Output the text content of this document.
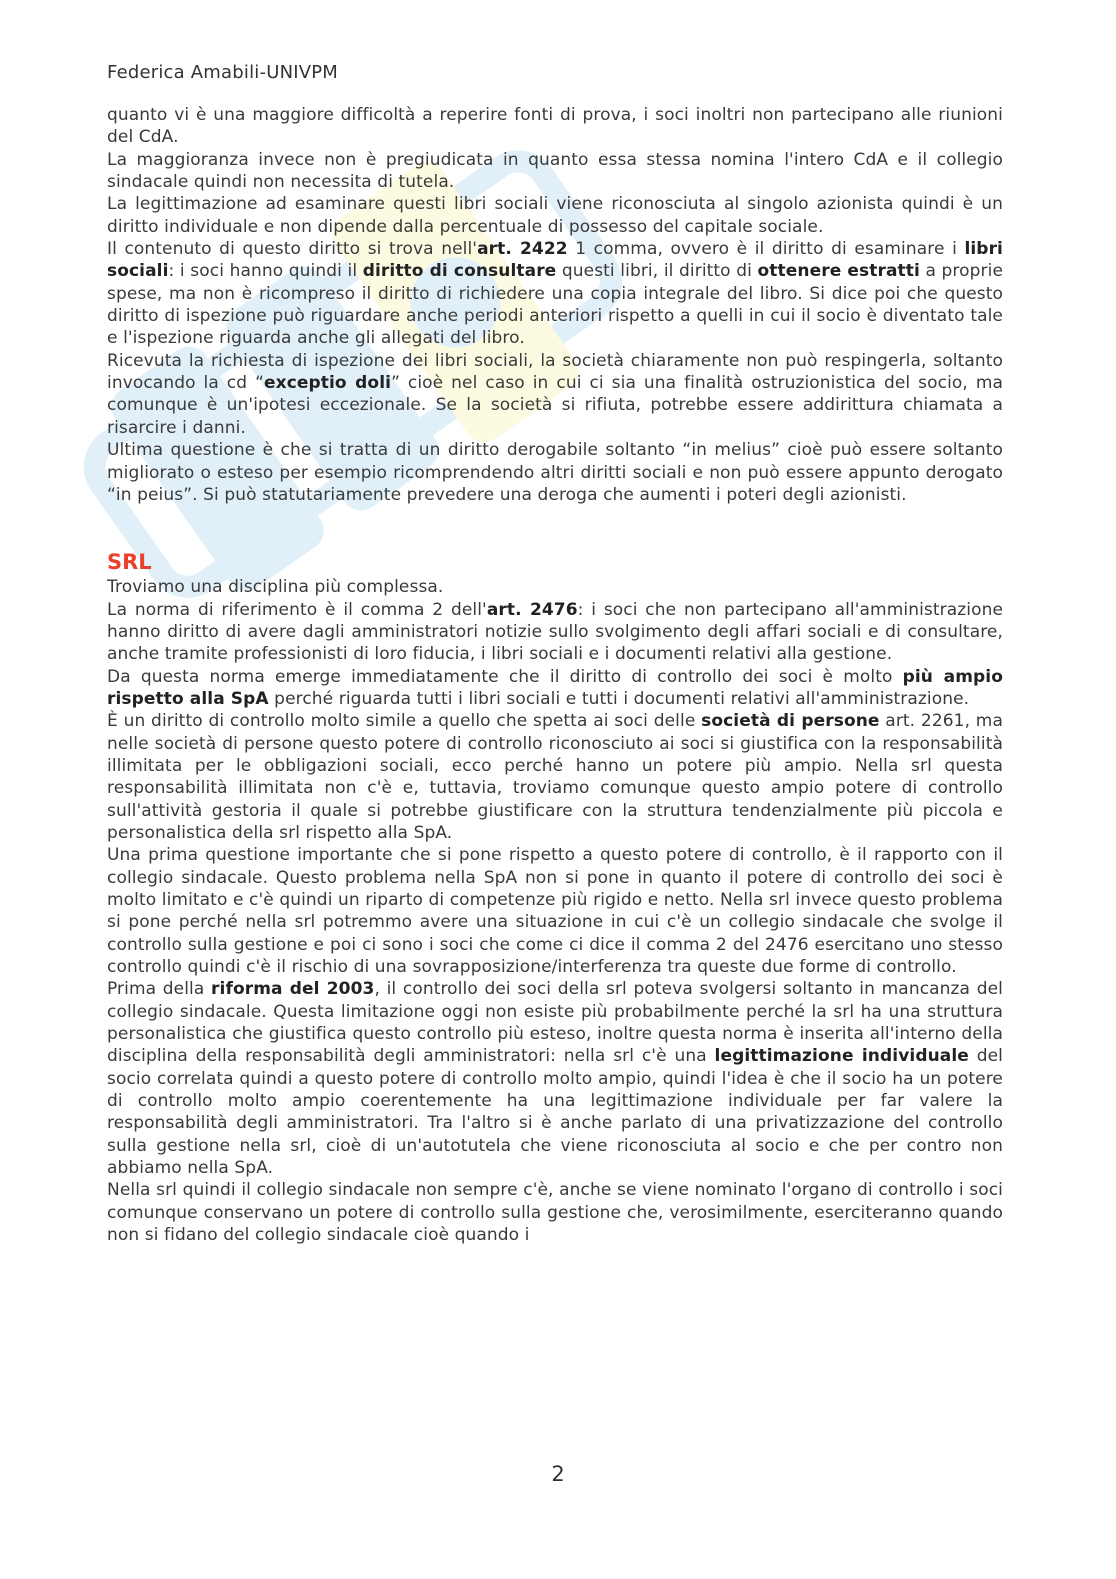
Federica Amabili-UNIVPM

quanto vi è una maggiore difficoltà a reperire fonti di prova, i soci inoltri non partecipano alle riunioni del CdA.

La maggioranza invece non è pregiudicata in quanto essa stessa nomina l'intero CdA e il collegio sindacale quindi non necessita di tutela.

La legittimazione ad esaminare questi libri sociali viene riconosciuta al singolo azionista quindi è un diritto individuale e non dipende dalla percentuale di possesso del capitale sociale.

Il contenuto di questo diritto si trova nell'art. 2422 1 comma, ovvero è il diritto di esaminare i libri sociali: i soci hanno quindi il diritto di consultare questi libri, il diritto di ottenere estratti a proprie spese, ma non è ricompreso il diritto di richiedere una copia integrale del libro. Si dice poi che questo diritto di ispezione può riguardare anche periodi anteriori rispetto a quelli in cui il socio è diventato tale e l'ispezione riguarda anche gli allegati del libro.

Ricevuta la richiesta di ispezione dei libri sociali, la società chiaramente non può respingerla, soltanto invocando la cd “exceptio doli” cioè nel caso in cui ci sia una finalità ostruzionistica del socio, ma comunque è un'ipotesi eccezionale. Se la società si rifiuta, potrebbe essere addirittura chiamata a risarcire i danni.

Ultima questione è che si tratta di un diritto derogabile soltanto “in melius” cioè può essere soltanto migliorato o esteso per esempio ricomprendendo altri diritti sociali e non può essere appunto derogato “in peius”. Si può statutariamente prevedere una deroga che aumenti i poteri degli azionisti.

SRL

Troviamo una disciplina più complessa.

La norma di riferimento è il comma 2 dell'art. 2476: i soci che non partecipano all'amministrazione hanno diritto di avere dagli amministratori notizie sullo svolgimento degli affari sociali e di consultare, anche tramite professionisti di loro fiducia, i libri sociali e i documenti relativi alla gestione.

Da questa norma emerge immediatamente che il diritto di controllo dei soci è molto più ampio rispetto alla SpA perché riguarda tutti i libri sociali e tutti i documenti relativi all'amministrazione.

È un diritto di controllo molto simile a quello che spetta ai soci delle società di persone art. 2261, ma nelle società di persone questo potere di controllo riconosciuto ai soci si giustifica con la responsabilità illimitata per le obbligazioni sociali, ecco perché hanno un potere più ampio. Nella srl questa responsabilità illimitata non c'è e, tuttavia, troviamo comunque questo ampio potere di controllo sull'attività gestoria il quale si potrebbe giustificare con la struttura tendenzialmente più piccola e personalistica della srl rispetto alla SpA.

Una prima questione importante che si pone rispetto a questo potere di controllo, è il rapporto con il collegio sindacale. Questo problema nella SpA non si pone in quanto il potere di controllo dei soci è molto limitato e c'è quindi un riparto di competenze più rigido e netto. Nella srl invece questo problema si pone perché nella srl potremmo avere una situazione in cui c'è un collegio sindacale che svolge il controllo sulla gestione e poi ci sono i soci che come ci dice il comma 2 del 2476 esercitano uno stesso controllo quindi c'è il rischio di una sovrapposizione/interferenza tra queste due forme di controllo.

Prima della riforma del 2003, il controllo dei soci della srl poteva svolgersi soltanto in mancanza del collegio sindacale. Questa limitazione oggi non esiste più probabilmente perché la srl ha una struttura personalistica che giustifica questo controllo più esteso, inoltre questa norma è inserita all'interno della disciplina della responsabilità degli amministratori: nella srl c'è una legittimazione individuale del socio correlata quindi a questo potere di controllo molto ampio, quindi l'idea è che il socio ha un potere di controllo molto ampio coerentemente ha una legittimazione individuale per far valere la responsabilità degli amministratori. Tra l'altro si è anche parlato di una privatizzazione del controllo sulla gestione nella srl, cioè di un'autotutela che viene riconosciuta al socio e che per contro non abbiamo nella SpA.

Nella srl quindi il collegio sindacale non sempre c'è, anche se viene nominato l'organo di controllo i soci comunque conservano un potere di controllo sulla gestione che, verosimilmente, eserciteranno quando non si fidano del collegio sindacale cioè quando i

2
